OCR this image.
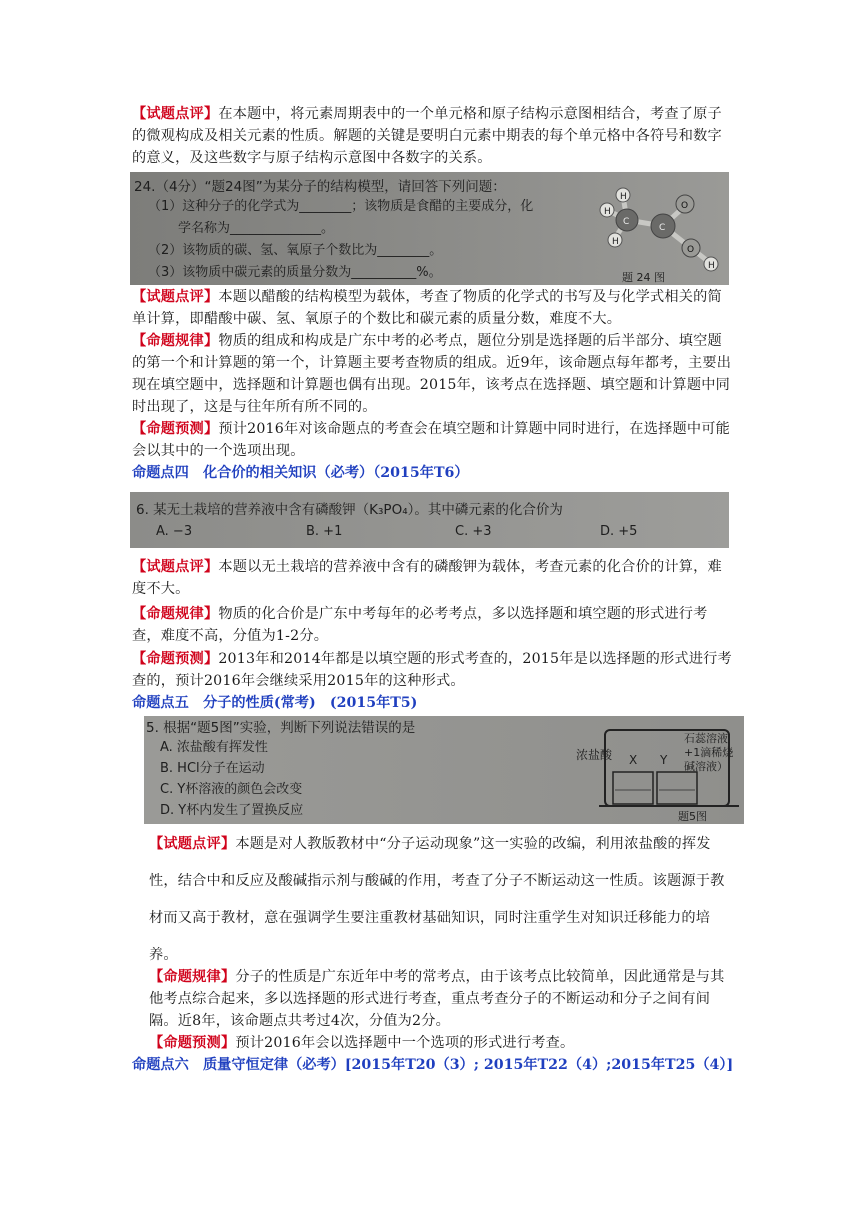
【试题点评】在本题中，将元素周期表中的一个单元格和原子结构示意图相结合，考查了原子的微观构成及相关元素的性质。解题的关键是要明白元素中期表的每个单元格中各符号和数字的意义，及这些数字与原子结构示意图中各数字的关系。

24.（4分）“题24图”为某分子的结构模型，请回答下列问题：
（1）这种分子的化学式为________；该物质是食醋的主要成分，化
学名称为______________。
（2）该物质的碳、氢、氧原子个数比为________。
（3）该物质中碳元素的质量分数为__________%。
H
H
H
C
C
O
O
H
题 24 图

【试题点评】本题以醋酸的结构模型为载体，考查了物质的化学式的书写及与化学式相关的简单计算，即醋酸中碳、氢、氧原子的个数比和碳元素的质量分数，难度不大。

【命题规律】物质的组成和构成是广东中考的必考点，题位分别是选择题的后半部分、填空题的第一个和计算题的第一个，计算题主要考查物质的组成。近9年，该命题点每年都考，主要出现在填空题中，选择题和计算题也偶有出现。2015年，该考点在选择题、填空题和计算题中同时出现了，这是与往年所有所不同的。

【命题预测】预计2016年对该命题点的考查会在填空题和计算题中同时进行，在选择题中可能会以其中的一个选项出现。

命题点四　化合价的相关知识（必考）（2015年T6）

6. 某无土栽培的营养液中含有磷酸钾（K₃PO₄）。其中磷元素的化合价为
A. −3	B. +1	C. +3	D. +5

【试题点评】本题以无土栽培的营养液中含有的磷酸钾为载体，考查元素的化合价的计算，难度不大。

【命题规律】物质的化合价是广东中考每年的必考考点，多以选择题和填空题的形式进行考查，难度不高，分值为1-2分。

【命题预测】2013年和2014年都是以填空题的形式考查的，2015年是以选择题的形式进行考查的，预计2016年会继续采用2015年的这种形式。

命题点五　分子的性质(常考)　(2015年T5)

5. 根据“题5图”实验，判断下列说法错误的是
A. 浓盐酸有挥发性
B. HCl分子在运动
C. Y杯溶液的颜色会改变
D. Y杯内发生了置换反应
浓盐酸 X Y
石蕊溶液
+1滴稀烧
碱溶液）
题5图

【试题点评】本题是对人教版教材中“分子运动现象”这一实验的改编，利用浓盐酸的挥发性，结合中和反应及酸碱指示剂与酸碱的作用，考查了分子不断运动这一性质。该题源于教材而又高于教材，意在强调学生要注重教材基础知识，同时注重学生对知识迁移能力的培养。

【命题规律】分子的性质是广东近年中考的常考点，由于该考点比较简单，因此通常是与其他考点综合起来，多以选择题的形式进行考查，重点考查分子的不断运动和分子之间有间隔。近8年，该命题点共考过4次，分值为2分。

【命题预测】预计2016年会以选择题中一个选项的形式进行考查。

命题点六　质量守恒定律（必考）[2015年T20（3）; 2015年T22（4）;2015年T25（4）]
